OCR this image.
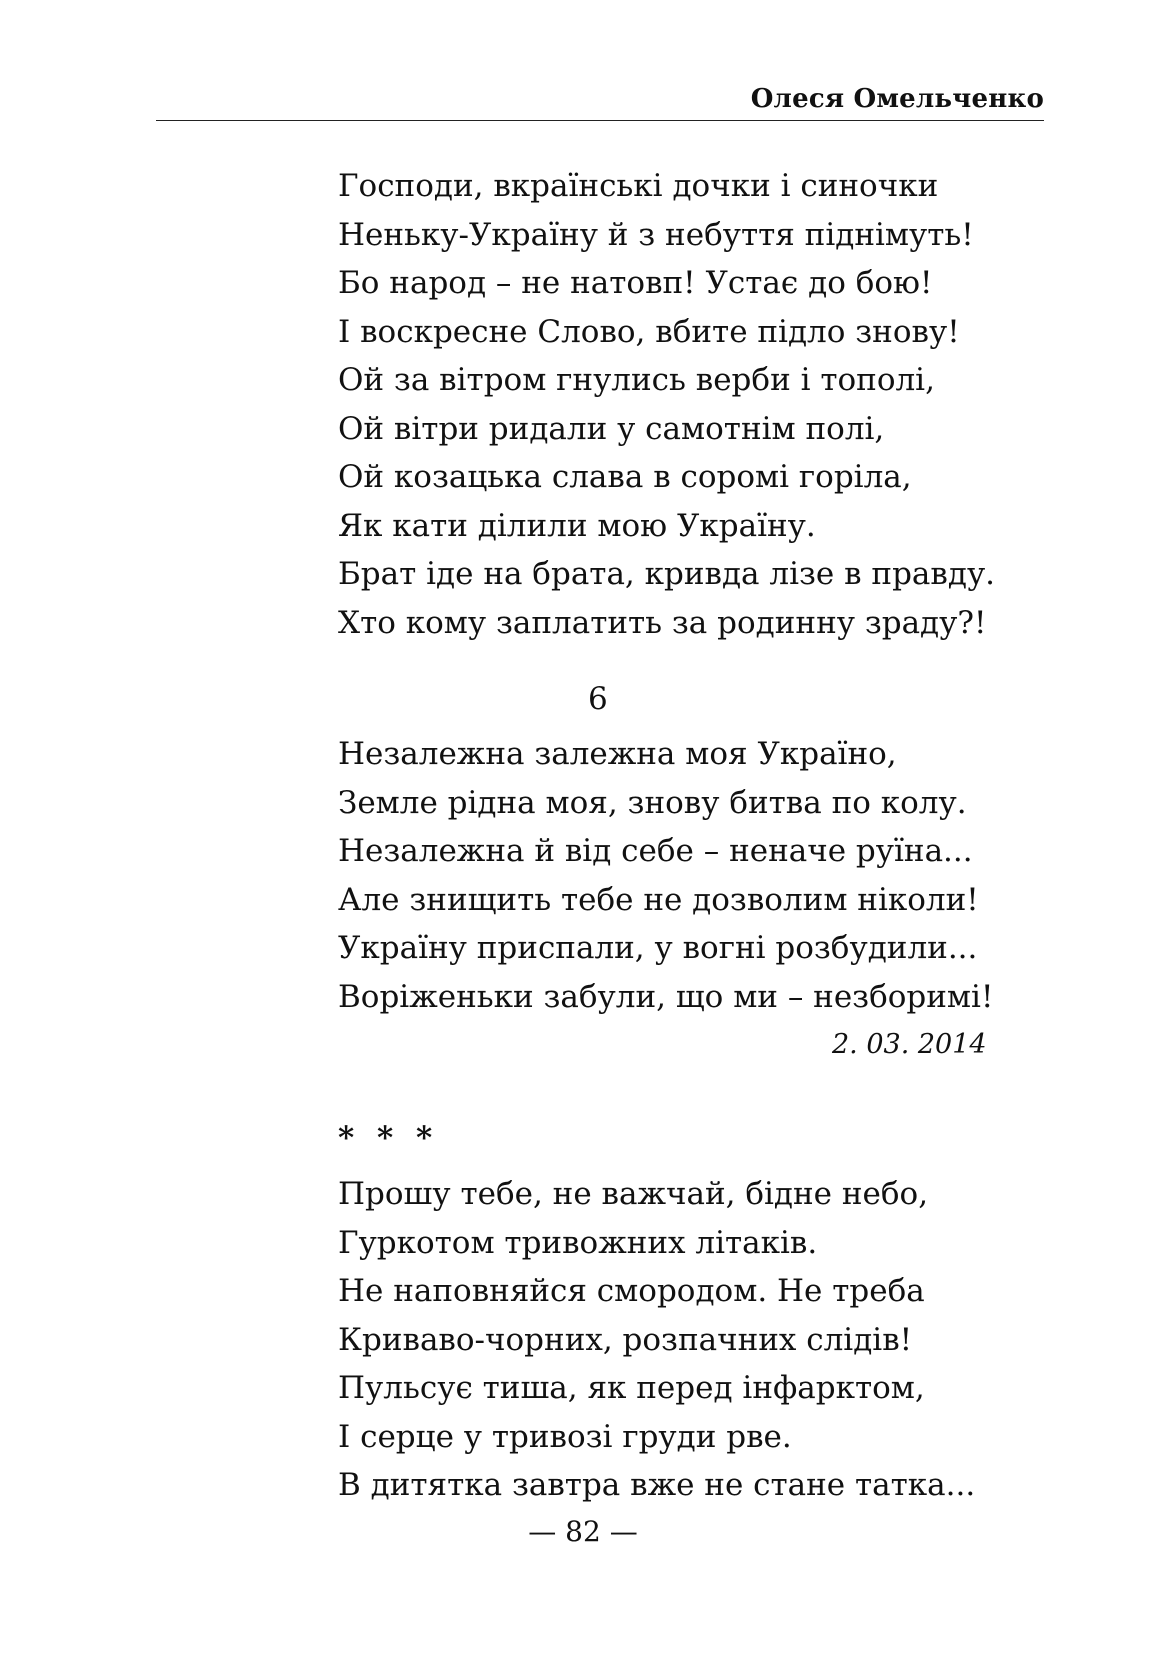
Олеся Омельченко
Господи, вкраїнські дочки і синочки
Неньку-Україну й з небуття піднімуть!
Бо народ – не натовп! Устає до бою!
І воскресне Слово, вбите підло знову!
Ой за вітром гнулись верби і тополі,
Ой вітри ридали у самотнім полі,
Ой козацька слава в соромі горіла,
Як кати ділили мою Україну.
Брат іде на брата, кривда лізе в правду.
Хто кому заплатить за родинну зраду?!
6
Незалежна залежна моя Україно,
Земле рідна моя, знову битва по колу.
Незалежна й від себе – неначе руїна...
Але знищить тебе не дозволим ніколи!
Україну приспали, у вогні розбудили...
Воріженьки забули, що ми – незборимі!
2. 03. 2014
* * *
Прошу тебе, не важчай, бідне небо,
Гуркотом тривожних літаків.
Не наповняйся смородом. Не треба
Криваво-чорних, розпачних слідів!
Пульсує тиша, як перед інфарктом,
І серце у тривозі груди рве.
В дитятка завтра вже не стане татка...
— 82 —
